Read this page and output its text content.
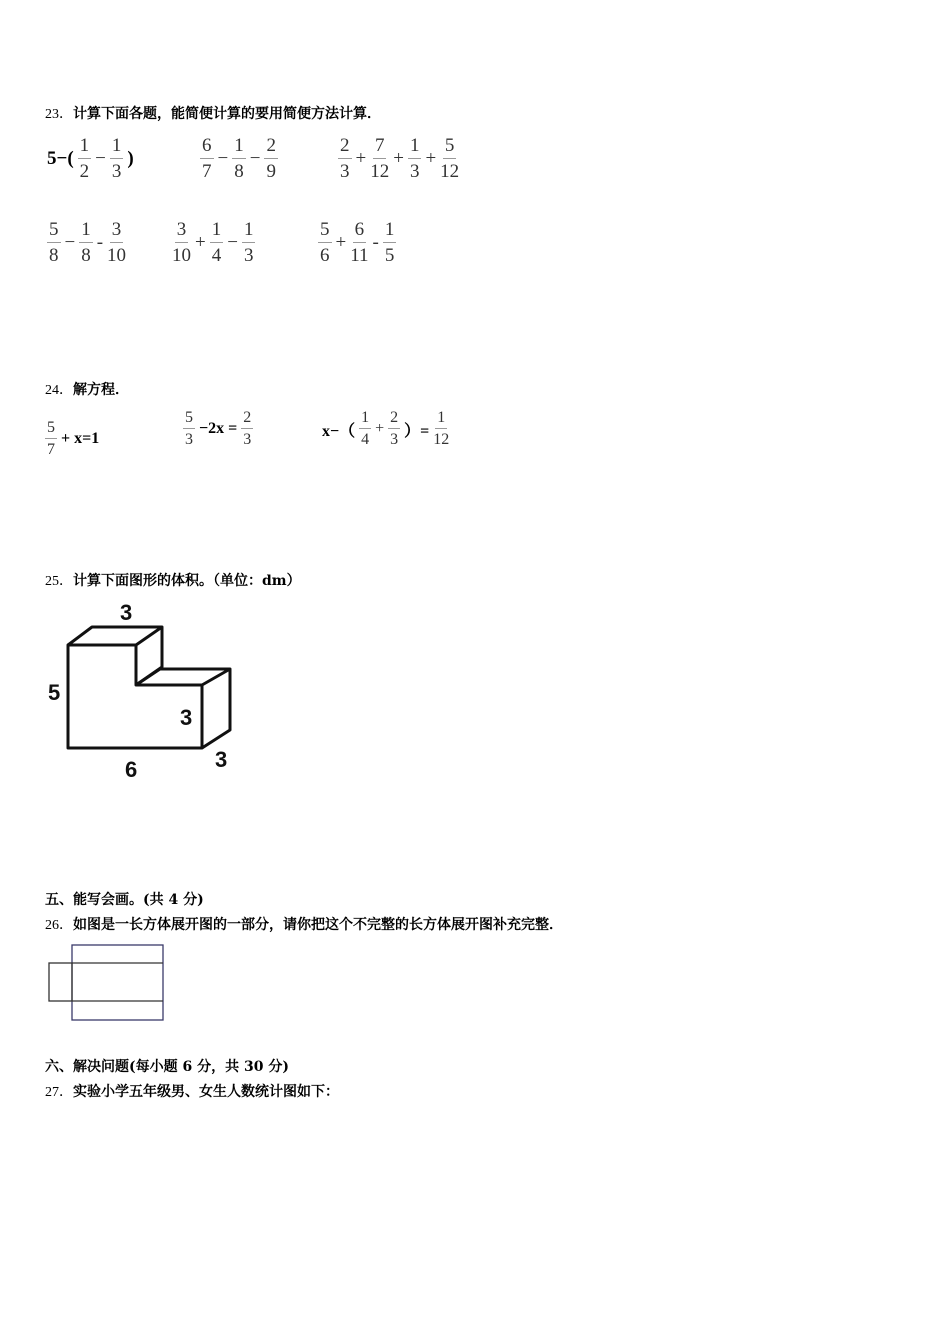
23．计算下面各题，能简便计算的要用简便方法计算．
$5-( \frac{1}{2} - \frac{1}{3}$ )	$\frac{6}{7} - \frac{1}{8} - \frac{2}{9}$	$\frac{2}{3} + \frac{7}{12} + \frac{1}{3} + \frac{5}{12}$
$\frac{5}{8} - \frac{1}{8} - \frac{3}{10} \frac{3}{10} + \frac{1}{4} - \frac{1}{3}$	$\frac{5}{6} + \frac{6}{11} - \frac{1}{5}$
24．解方程．
$\frac{5}{7} + x=1$	$\frac{5}{3} -2x = \frac{2}{3}$	$x-( \frac{1}{4} + \frac{2}{3}$ ）= $\frac{1}{12}$
25．计算下面图形的体积。（单位：dm）
3
5
3
6	3
五、能写会画。(共 4 分)
26．如图是一长方体展开图的一部分，请你把这个不完整的长方体展开图补充完整．
六、解决问题(每小题 6 分，共 30 分)
27．实验小学五年级男、女生人数统计图如下：
